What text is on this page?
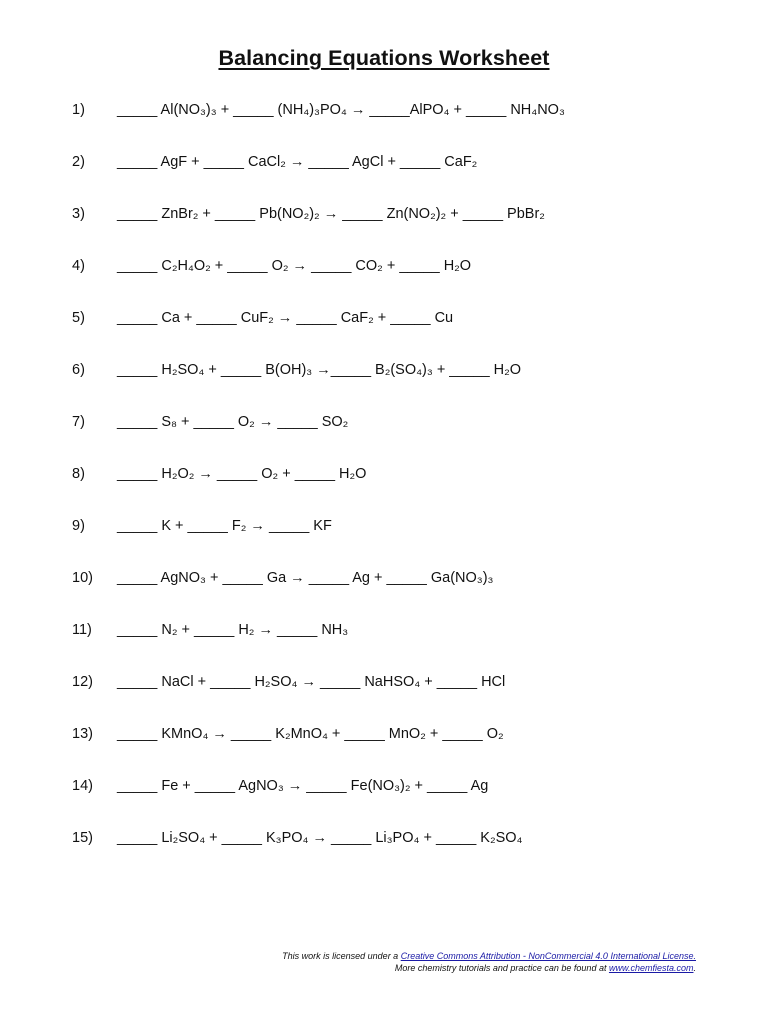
Balancing Equations Worksheet
1)	_____ Al(NO₃)₃ + _____ (NH₄)₃PO₄ → _____AlPO₄ + _____ NH₄NO₃
2)	_____ AgF + _____ CaCl₂ → _____ AgCl + _____ CaF₂
3)	_____ ZnBr₂ + _____ Pb(NO₂)₂ → _____ Zn(NO₂)₂ + _____ PbBr₂
4)	_____ C₂H₄O₂ + _____ O₂ → _____ CO₂ + _____ H₂O
5)	_____ Ca + _____ CuF₂ → _____ CaF₂ + _____ Cu
6)	_____ H₂SO₄ + _____ B(OH)₃ →_____ B₂(SO₄)₃ + _____ H₂O
7)	_____ S₈ + _____ O₂ → _____ SO₂
8)	_____ H₂O₂ → _____ O₂ + _____ H₂O
9)	_____ K + _____ F₂ → _____ KF
10)	_____ AgNO₃ + _____ Ga → _____ Ag + _____ Ga(NO₃)₃
11)	_____ N₂ + _____ H₂ → _____ NH₃
12)	_____ NaCl + _____ H₂SO₄ → _____ NaHSO₄ + _____ HCl
13)	_____ KMnO₄ → _____ K₂MnO₄ + _____ MnO₂ + _____ O₂
14)	_____ Fe + _____ AgNO₃ → _____ Fe(NO₃)₂ + _____ Ag
15)	_____ Li₂SO₄ + _____ K₃PO₄ → _____ Li₃PO₄ + _____ K₂SO₄
This work is licensed under a Creative Commons Attribution - NonCommercial 4.0 International License.
More chemistry tutorials and practice can be found at www.chemfiesta.com.
